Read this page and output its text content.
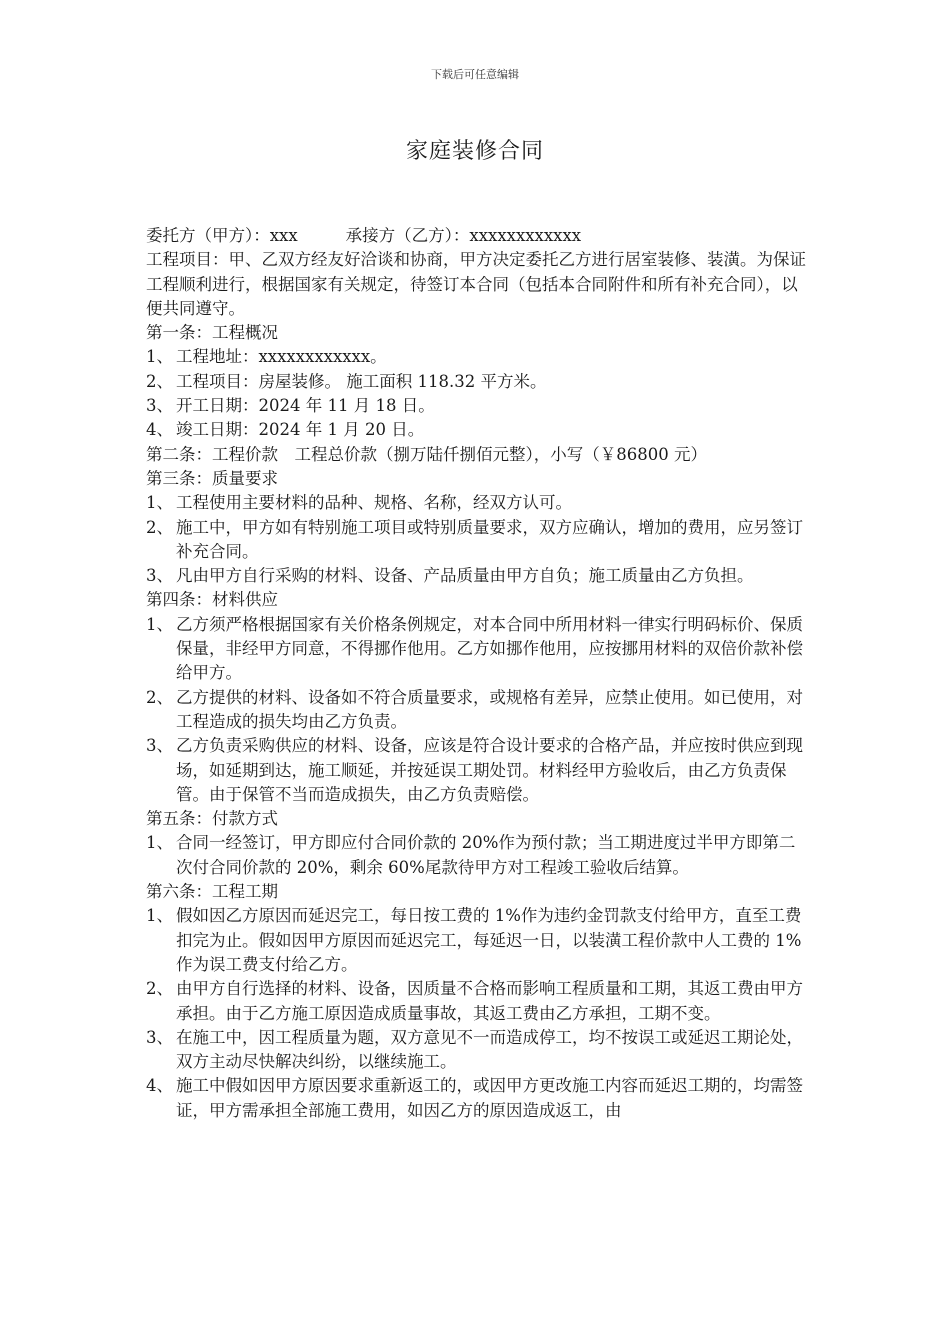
下载后可任意编辑
家庭装修合同
委托方（甲方）：xxx	承接方（乙方）：xxxxxxxxxxxx
工程项目：甲、乙双方经友好洽谈和协商，甲方决定委托乙方进行居室装修、装潢。为保证工程顺利进行，根据国家有关规定，待签订本合同（包括本合同附件和所有补充合同），以便共同遵守。
第一条：工程概况
1、 工程地址：xxxxxxxxxxxx。
2、 工程项目：房屋装修。 施工面积 118.32 平方米。
3、 开工日期：2024 年 11 月 18 日。
4、 竣工日期：2024 年 1 月 20 日。
第二条：工程价款　工程总价款（捌万陆仟捌佰元整），小写（￥86800 元）
第三条：质量要求
1、 工程使用主要材料的品种、规格、名称，经双方认可。
2、 施工中，甲方如有特别施工项目或特别质量要求，双方应确认，增加的费用，应另签订补充合同。
3、 凡由甲方自行采购的材料、设备、产品质量由甲方自负；施工质量由乙方负担。
第四条：材料供应
1、 乙方须严格根据国家有关价格条例规定，对本合同中所用材料一律实行明码标价、保质保量，非经甲方同意，不得挪作他用。乙方如挪作他用，应按挪用材料的双倍价款补偿给甲方。
2、 乙方提供的材料、设备如不符合质量要求，或规格有差异，应禁止使用。如已使用，对工程造成的损失均由乙方负责。
3、 乙方负责采购供应的材料、设备，应该是符合设计要求的合格产品，并应按时供应到现场，如延期到达，施工顺延，并按延误工期处罚。材料经甲方验收后，由乙方负责保管。由于保管不当而造成损失，由乙方负责赔偿。
第五条：付款方式
1、 合同一经签订，甲方即应付合同价款的 20%作为预付款；当工期进度过半甲方即第二次付合同价款的 20%，剩余 60%尾款待甲方对工程竣工验收后结算。
第六条：工程工期
1、 假如因乙方原因而延迟完工，每日按工费的 1%作为违约金罚款支付给甲方，直至工费扣完为止。假如因甲方原因而延迟完工，每延迟一日，以装潢工程价款中人工费的 1%作为误工费支付给乙方。
2、 由甲方自行选择的材料、设备，因质量不合格而影响工程质量和工期，其返工费由甲方承担。由于乙方施工原因造成质量事故，其返工费由乙方承担，工期不变。
3、 在施工中，因工程质量为题，双方意见不一而造成停工，均不按误工或延迟工期论处，双方主动尽快解决纠纷，以继续施工。
4、 施工中假如因甲方原因要求重新返工的，或因甲方更改施工内容而延迟工期的，均需签证，甲方需承担全部施工费用，如因乙方的原因造成返工，由
